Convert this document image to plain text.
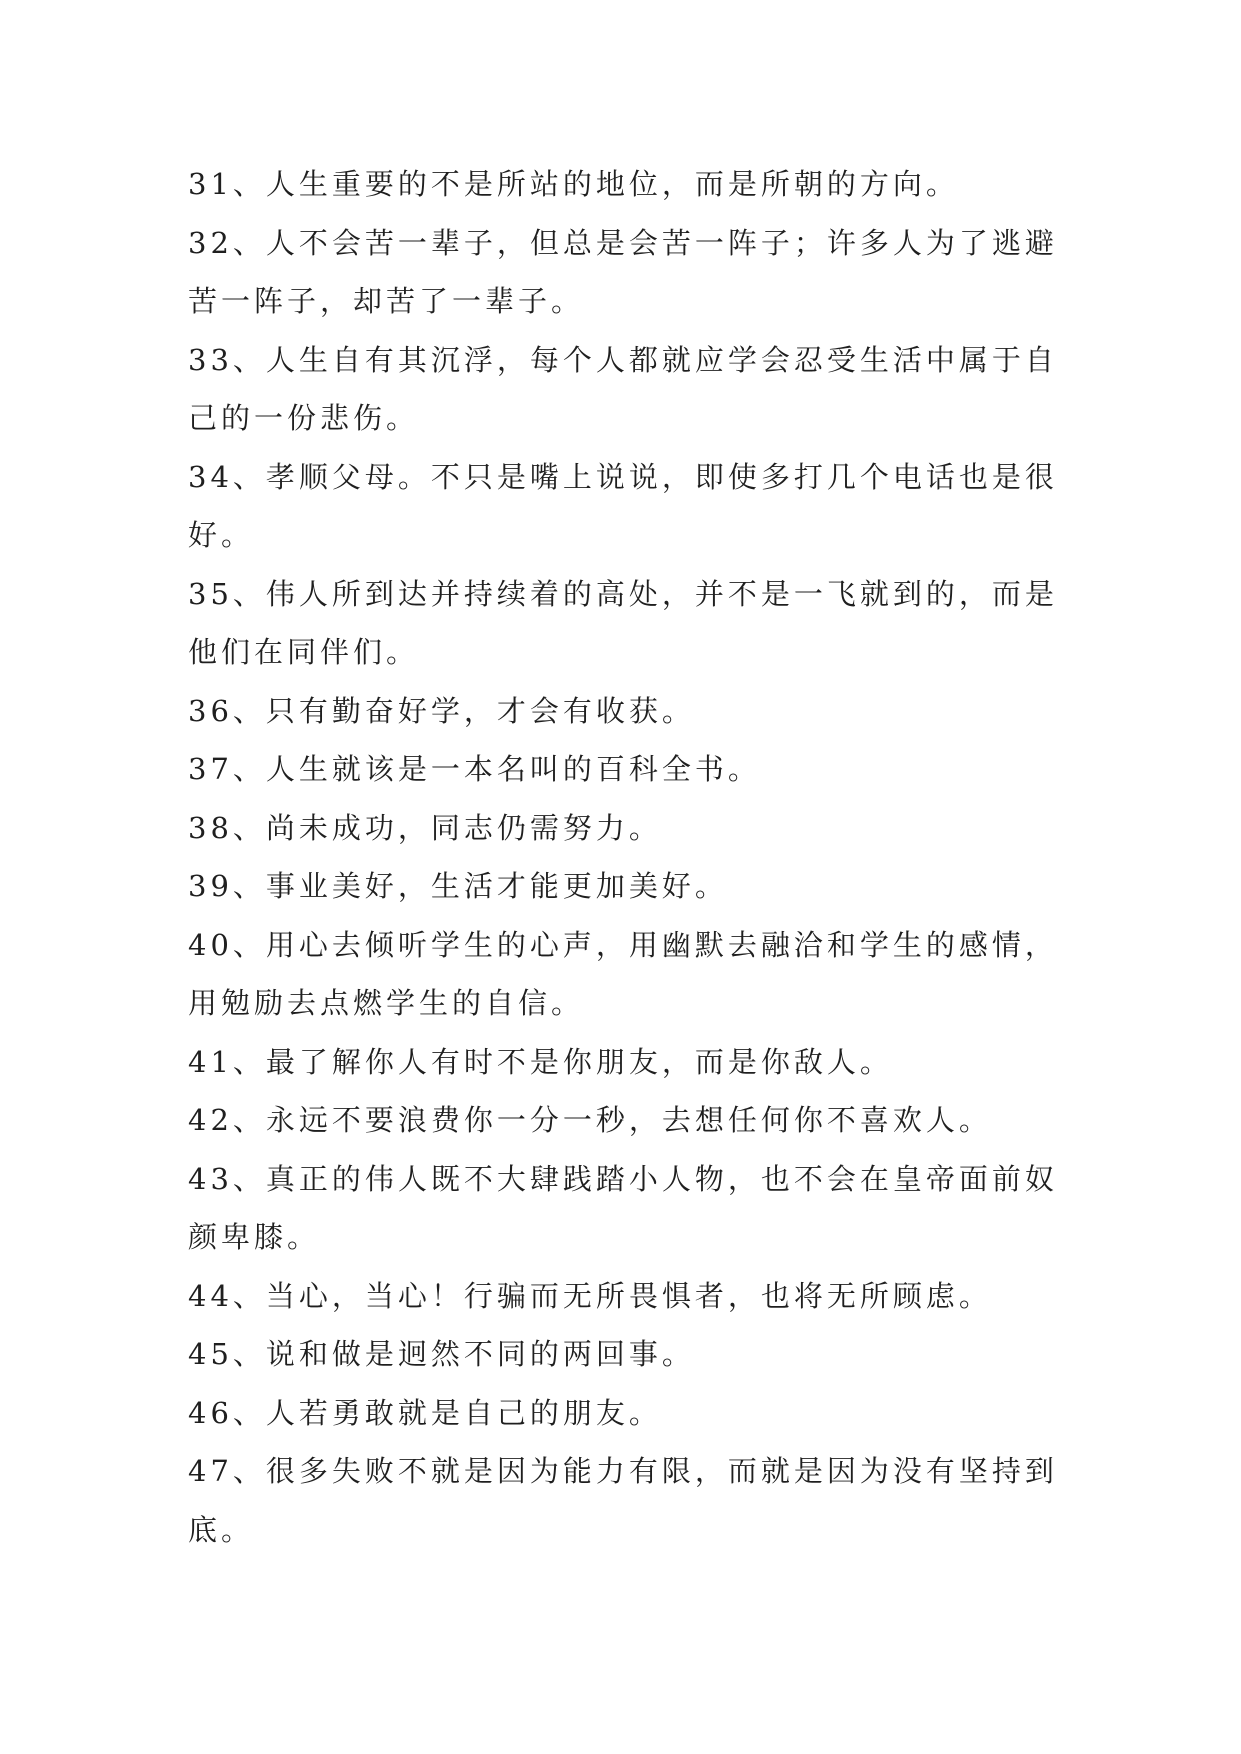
31、人生重要的不是所站的地位，而是所朝的方向。
32、人不会苦一辈子，但总是会苦一阵子；许多人为了逃避
苦一阵子，却苦了一辈子。
33、人生自有其沉浮，每个人都就应学会忍受生活中属于自
己的一份悲伤。
34、孝顺父母。不只是嘴上说说，即使多打几个电话也是很
好。
35、伟人所到达并持续着的高处，并不是一飞就到的，而是
他们在同伴们。
36、只有勤奋好学，才会有收获。
37、人生就该是一本名叫的百科全书。
38、尚未成功，同志仍需努力。
39、事业美好，生活才能更加美好。
40、用心去倾听学生的心声，用幽默去融洽和学生的感情，
用勉励去点燃学生的自信。
41、最了解你人有时不是你朋友，而是你敌人。
42、永远不要浪费你一分一秒，去想任何你不喜欢人。
43、真正的伟人既不大肆践踏小人物，也不会在皇帝面前奴
颜卑膝。
44、当心，当心！行骗而无所畏惧者，也将无所顾虑。
45、说和做是迥然不同的两回事。
46、人若勇敢就是自己的朋友。
47、很多失败不就是因为能力有限，而就是因为没有坚持到
底。
